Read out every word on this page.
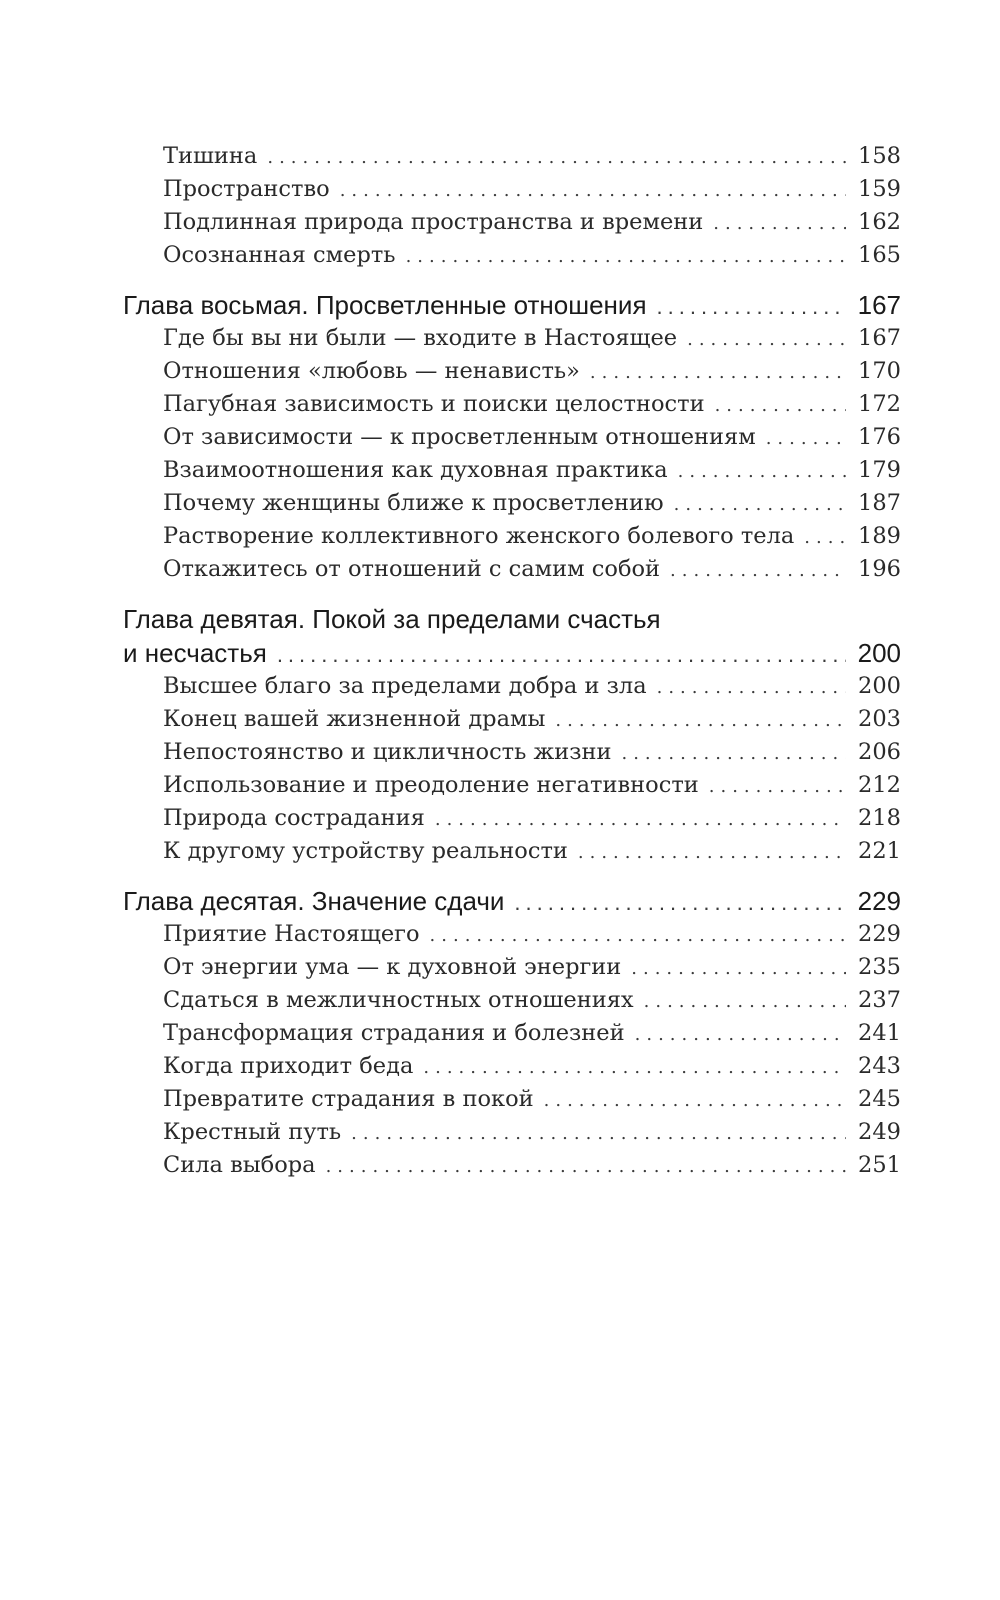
Тишина .....	158
Пространство .....	159
Подлинная природа пространства и времени .....	162
Осознанная смерть .....	165
Глава восьмая. Просветленные отношения .....	167
Где бы вы ни были — входите в Настоящее .....	167
Отношения «любовь — ненависть» .....	170
Пагубная зависимость и поиски целостности .....	172
От зависимости — к просветленным отношениям .....	176
Взаимоотношения как духовная практика .....	179
Почему женщины ближе к просветлению .....	187
Растворение коллективного женского болевого тела .....	189
Откажитесь от отношений с самим собой .....	196
Глава девятая. Покой за пределами счастья
и несчастья .....	200
Высшее благо за пределами добра и зла .....	200
Конец вашей жизненной драмы .....	203
Непостоянство и цикличность жизни .....	206
Использование и преодоление негативности .....	212
Природа сострадания .....	218
К другому устройству реальности .....	221
Глава десятая. Значение сдачи .....	229
Приятие Настоящего .....	229
От энергии ума — к духовной энергии .....	235
Сдаться в межличностных отношениях .....	237
Трансформация страдания и болезней .....	241
Когда приходит беда .....	243
Превратите страдания в покой .....	245
Крестный путь .....	249
Сила выбора .....	251
